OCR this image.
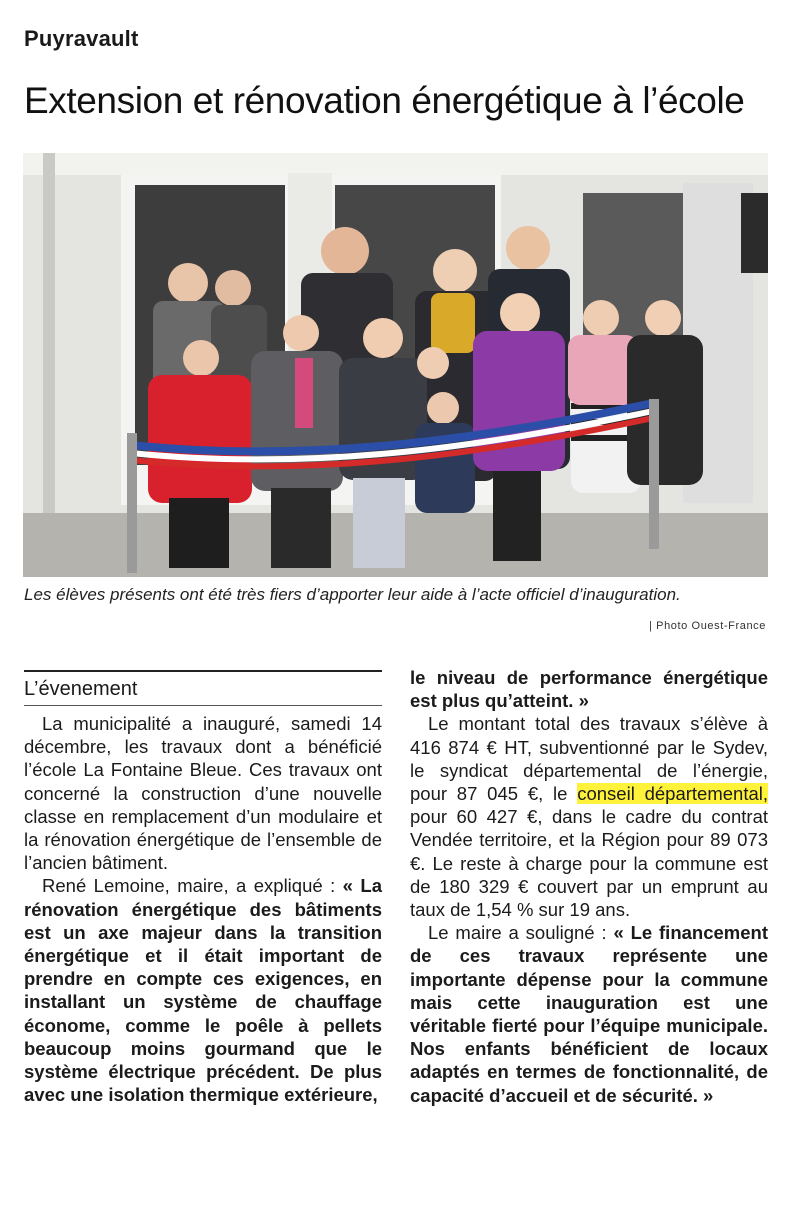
Puyravault
Extension et rénovation énergétique à l’école
Les élèves présents ont été très fiers d’apporter leur aide à l’acte officiel d’inauguration.
| Photo Ouest-France
L’évenement

La municipalité a inauguré, samedi 14 décembre, les travaux dont a bénéficié l’école La Fontaine Bleue. Ces travaux ont concerné la construction d’une nouvelle classe en remplacement d’un modulaire et la rénovation énergétique de l’ensemble de l’ancien bâtiment.

René Lemoine, maire, a expliqué : « La rénovation énergétique des bâtiments est un axe majeur dans la transition énergétique et il était important de prendre en compte ces exigences, en installant un système de chauffage économe, comme le poêle à pellets beaucoup moins gourmand que le système électrique précédent. De plus avec une isolation thermique extérieure,

le niveau de performance énergétique est plus qu’atteint. »

Le montant total des travaux s’élève à 416 874 € HT, subventionné par le Sydev, le syndicat départemental de l’énergie, pour 87 045 €, le conseil départemental, pour 60 427 €, dans le cadre du contrat Vendée territoire, et la Région pour 89 073 €. Le reste à charge pour la commune est de 180 329 € couvert par un emprunt au taux de 1,54 % sur 19 ans.

Le maire a souligné : « Le financement de ces travaux représente une importante dépense pour la commune mais cette inauguration est une véritable fierté pour l’équipe municipale. Nos enfants bénéficient de locaux adaptés en termes de fonctionnalité, de capacité d’accueil et de sécurité. »
